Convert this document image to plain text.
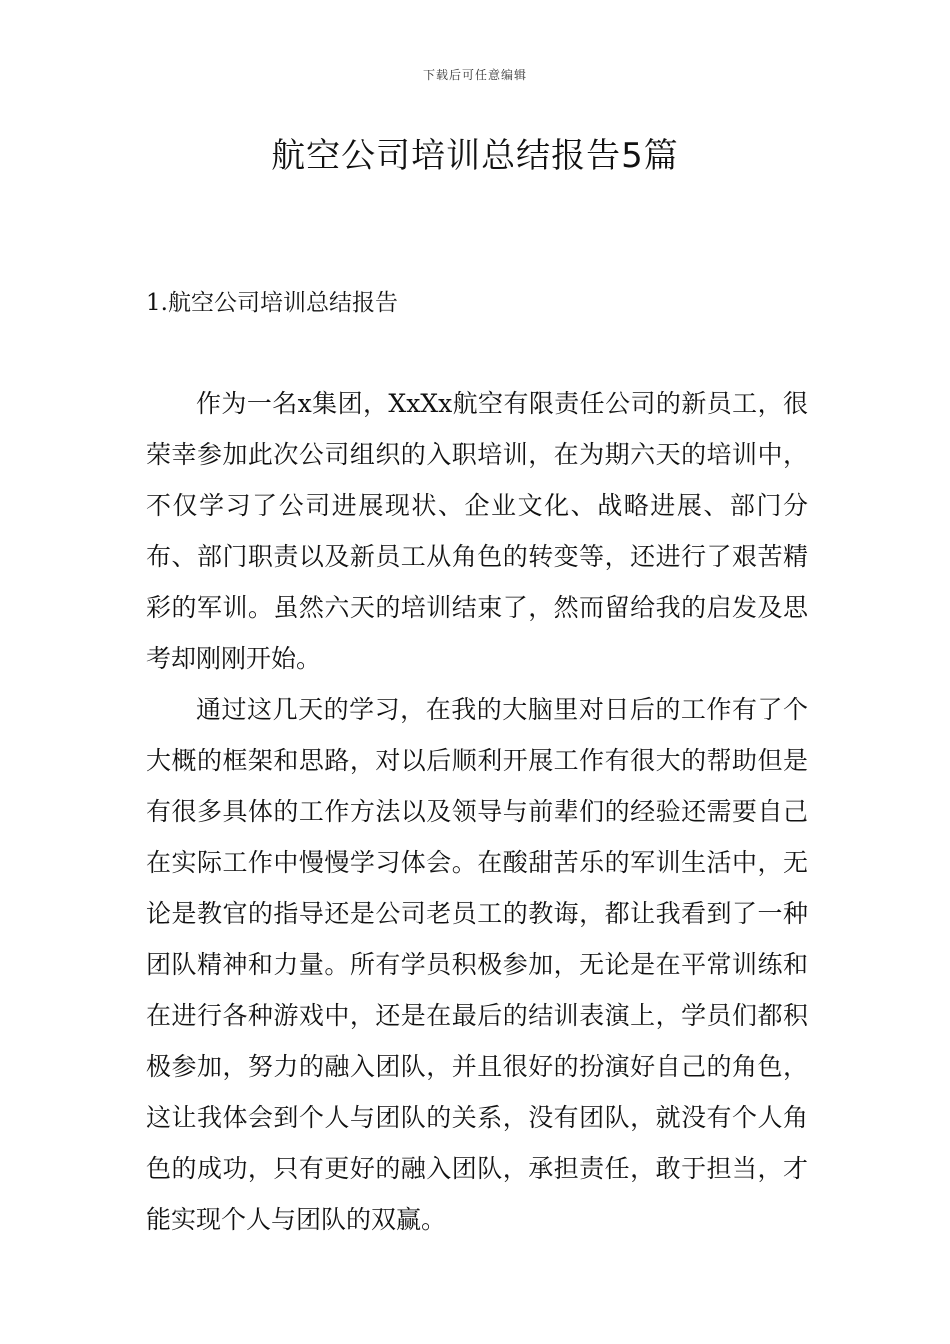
下载后可任意编辑
航空公司培训总结报告5篇
1.航空公司培训总结报告

作为一名x集团，XxXx航空有限责任公司的新员工，很荣幸参加此次公司组织的入职培训，在为期六天的培训中，不仅学习了公司进展现状、企业文化、战略进展、部门分布、部门职责以及新员工从角色的转变等，还进行了艰苦精彩的军训。虽然六天的培训结束了，然而留给我的启发及思考却刚刚开始。

通过这几天的学习，在我的大脑里对日后的工作有了个大概的框架和思路，对以后顺利开展工作有很大的帮助但是有很多具体的工作方法以及领导与前辈们的经验还需要自己在实际工作中慢慢学习体会。在酸甜苦乐的军训生活中，无论是教官的指导还是公司老员工的教诲，都让我看到了一种团队精神和力量。所有学员积极参加，无论是在平常训练和在进行各种游戏中，还是在最后的结训表演上，学员们都积极参加，努力的融入团队，并且很好的扮演好自己的角色，这让我体会到个人与团队的关系，没有团队，就没有个人角色的成功，只有更好的融入团队，承担责任，敢于担当，才能实现个人与团队的双赢。
